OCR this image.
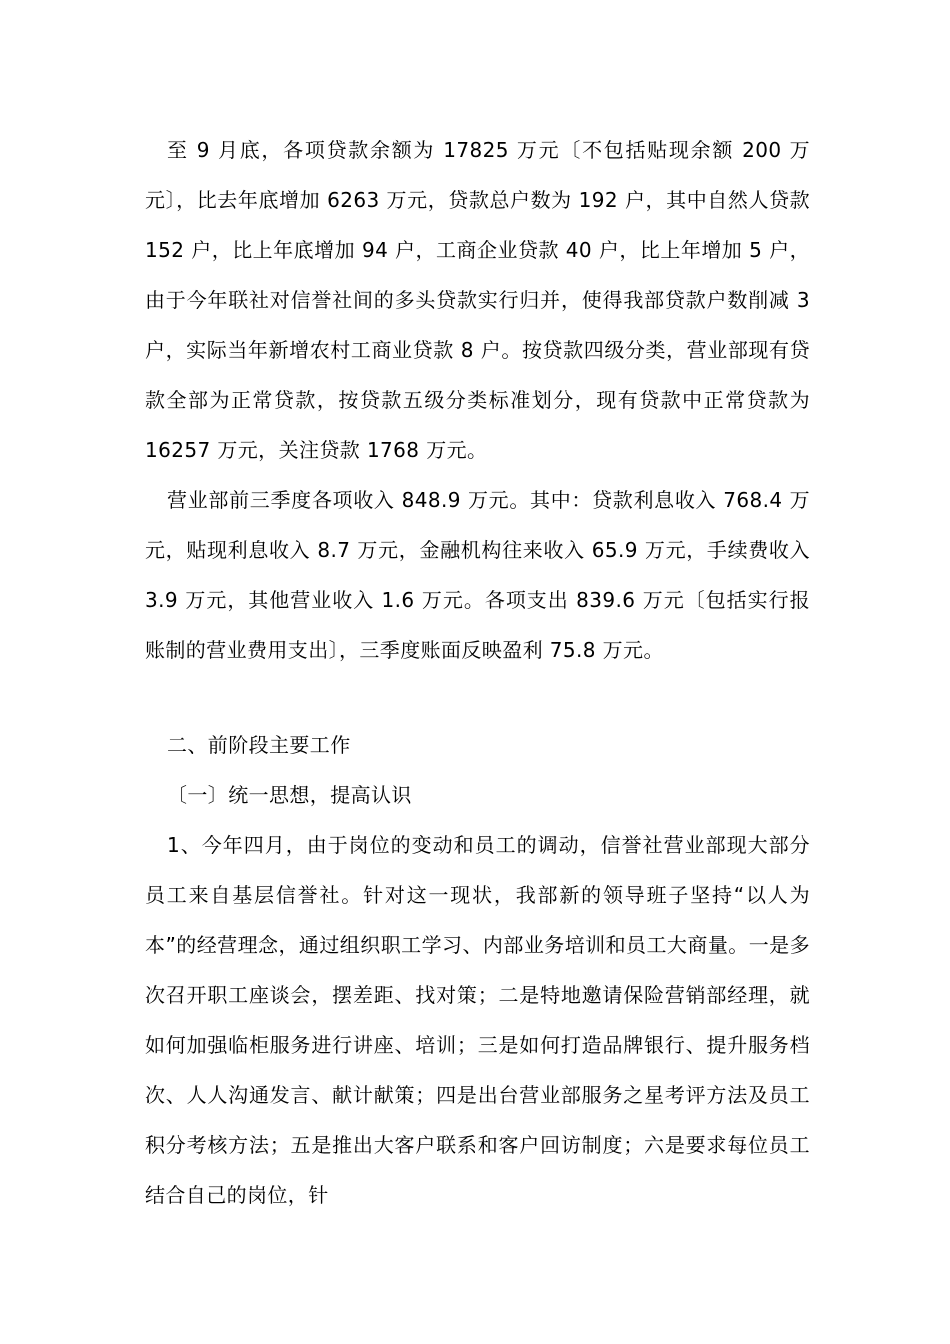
至 9 月底，各项贷款余额为 17825 万元〔不包括贴现余额 200 万元〕，比去年底增加 6263 万元，贷款总户数为 192 户，其中自然人贷款 152 户，比上年底增加 94 户，工商企业贷款 40 户，比上年增加 5 户，由于今年联社对信誉社间的多头贷款实行归并，使得我部贷款户数削减 3 户，实际当年新增农村工商业贷款 8 户。按贷款四级分类，营业部现有贷款全部为正常贷款，按贷款五级分类标准划分，现有贷款中正常贷款为 16257 万元，关注贷款 1768 万元。

营业部前三季度各项收入 848.9 万元。其中：贷款利息收入 768.4 万元，贴现利息收入 8.7 万元，金融机构往来收入 65.9 万元，手续费收入 3.9 万元，其他营业收入 1.6 万元。各项支出 839.6 万元〔包括实行报账制的营业费用支出〕，三季度账面反映盈利 75.8 万元。

二、前阶段主要工作

〔一〕统一思想，提高认识

1、今年四月，由于岗位的变动和员工的调动，信誉社营业部现大部分员工来自基层信誉社。针对这一现状，我部新的领导班子坚持“以人为本”的经营理念，通过组织职工学习、内部业务培训和员工大商量。一是多次召开职工座谈会，摆差距、找对策；二是特地邀请保险营销部经理，就如何加强临柜服务进行讲座、培训；三是如何打造品牌银行、提升服务档次、人人沟通发言、献计献策；四是出台营业部服务之星考评方法及员工积分考核方法；五是推出大客户联系和客户回访制度；六是要求每位员工结合自己的岗位，针
